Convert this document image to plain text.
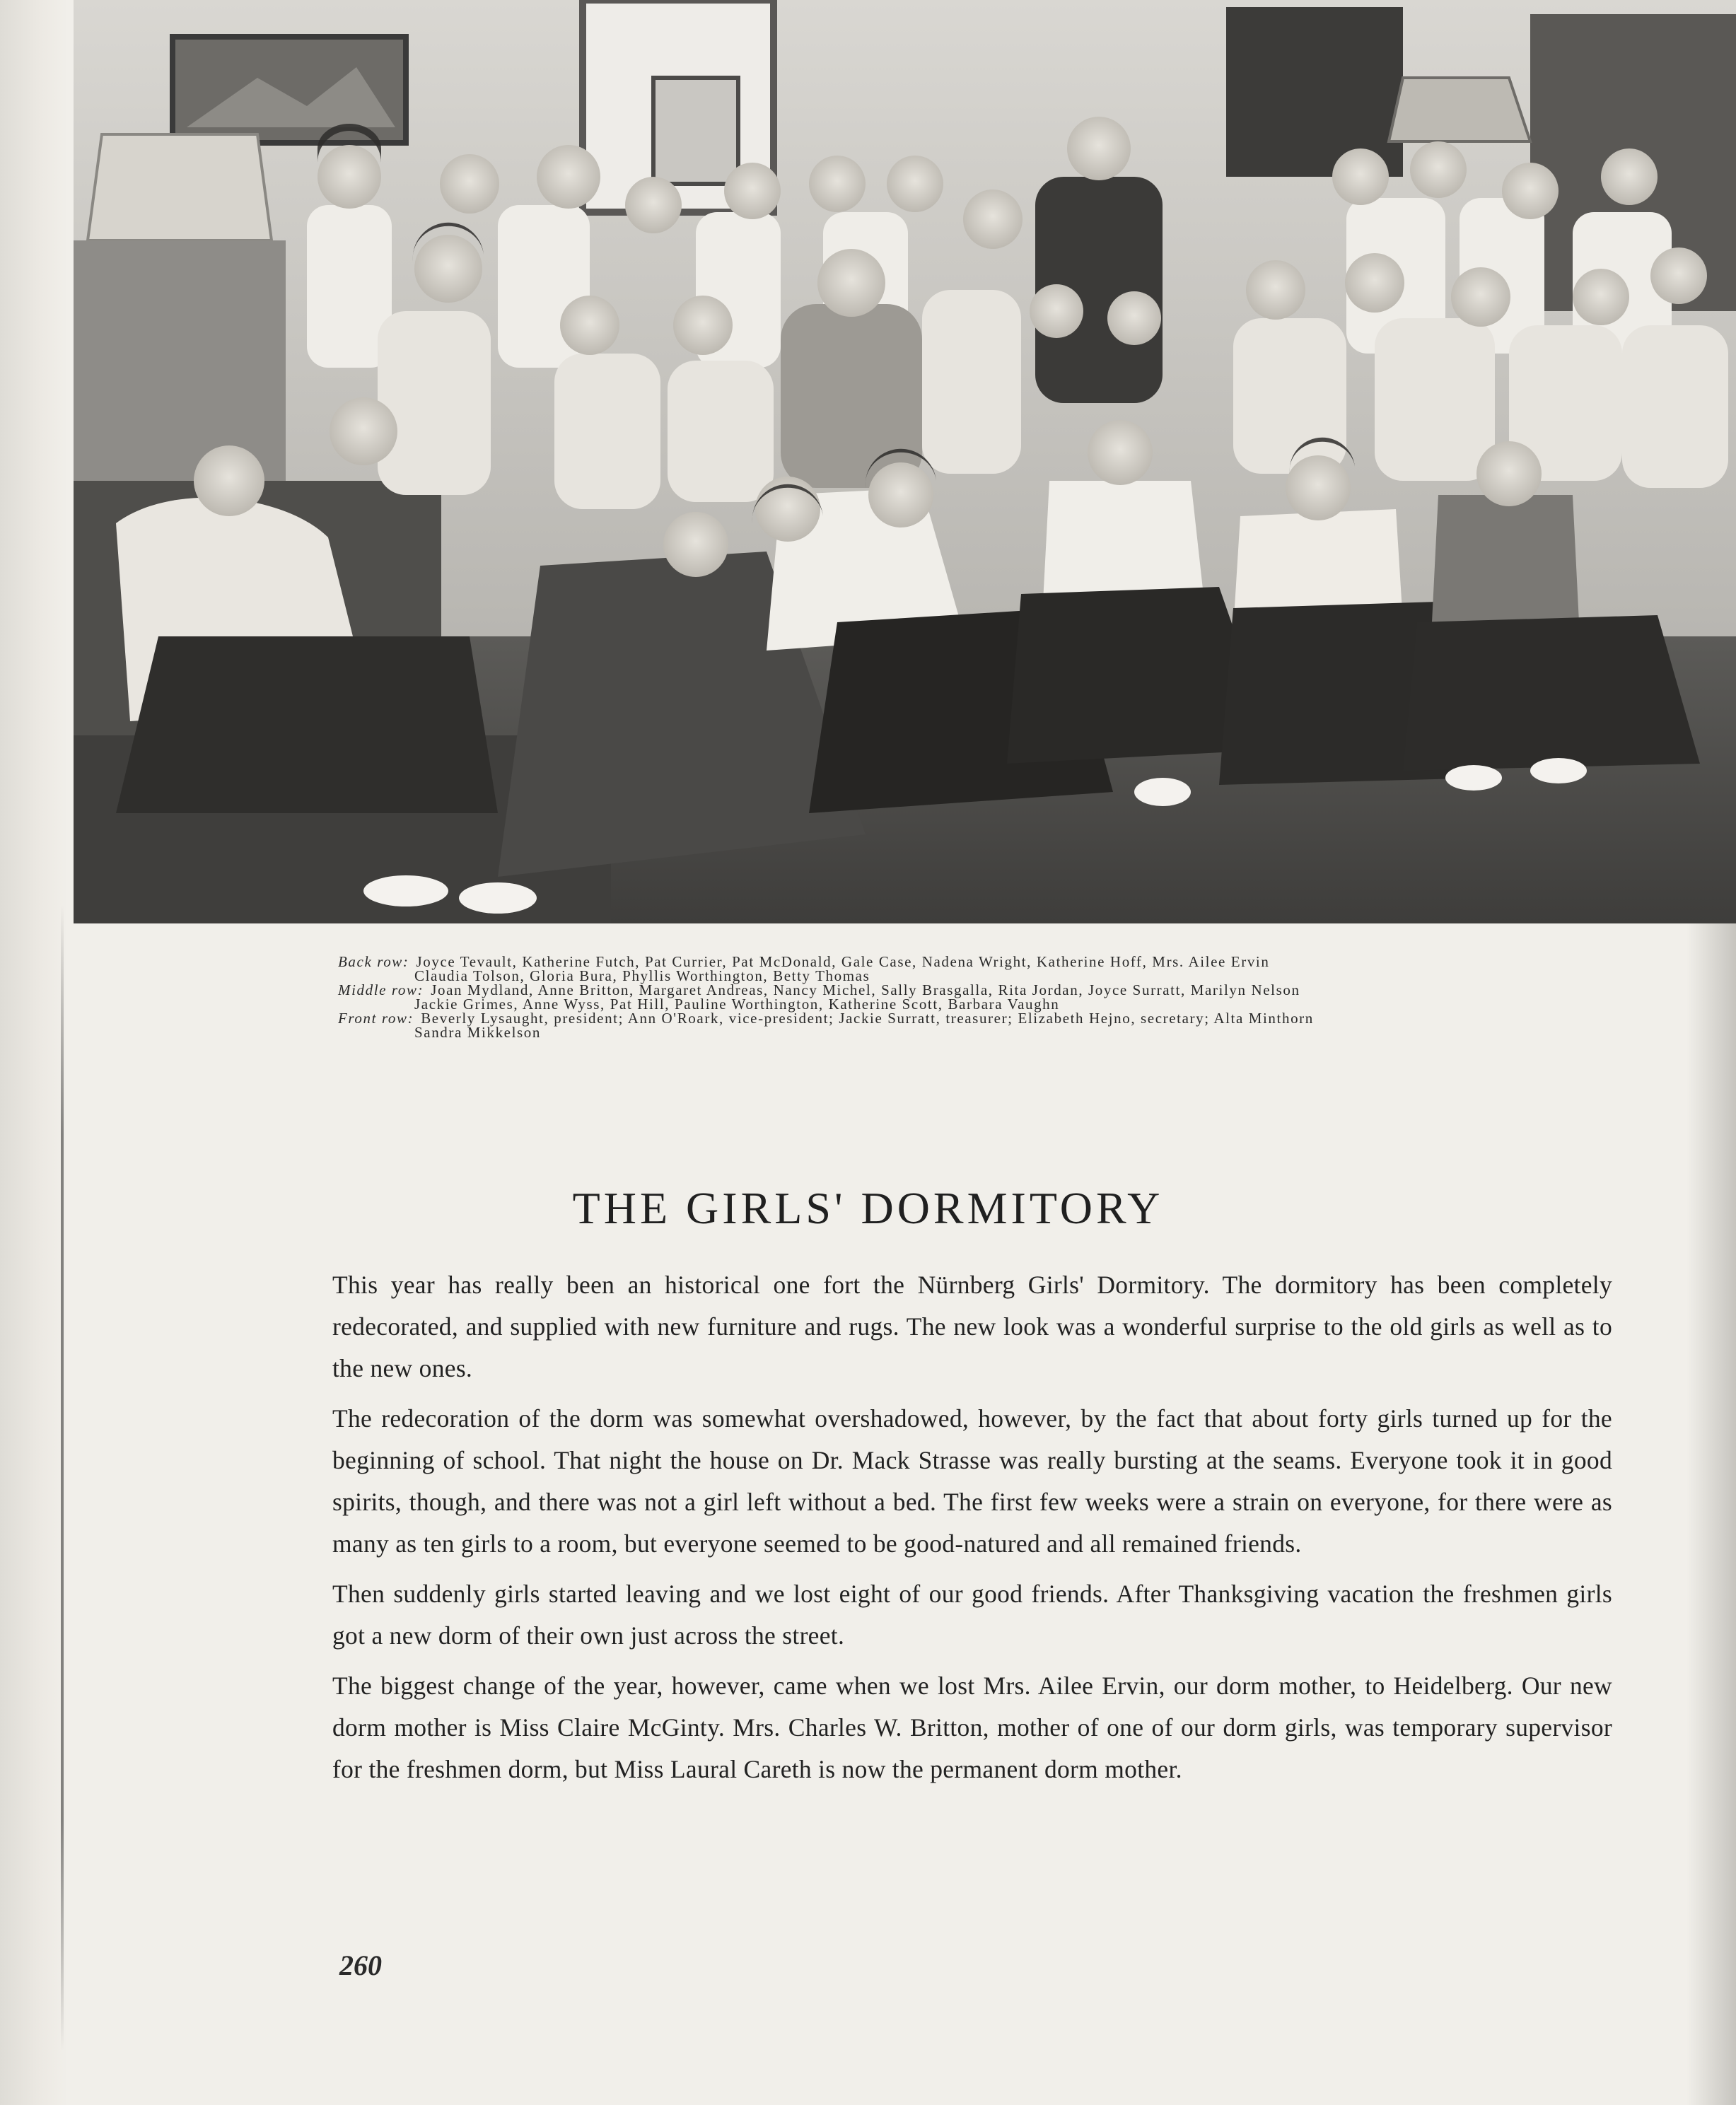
Back row: Joyce Tevault, Katherine Futch, Pat Currier, Pat McDonald, Gale Case, Nadena Wright, Katherine Hoff, Mrs. Ailee Ervin
Claudia Tolson, Gloria Bura, Phyllis Worthington, Betty Thomas
Middle row: Joan Mydland, Anne Britton, Margaret Andreas, Nancy Michel, Sally Brasgalla, Rita Jordan, Joyce Surratt, Marilyn Nelson
Jackie Grimes, Anne Wyss, Pat Hill, Pauline Worthington, Katherine Scott, Barbara Vaughn
Front row: Beverly Lysaught, president; Ann O'Roark, vice-president; Jackie Surratt, treasurer; Elizabeth Hejno, secretary; Alta Minthorn
Sandra Mikkelson
THE GIRLS' DORMITORY

This year has really been an historical one fort the Nürnberg Girls' Dormitory. The dormitory has been completely redecorated, and supplied with new furniture and rugs. The new look was a wonderful surprise to the old girls as well as to the new ones.

The redecoration of the dorm was somewhat overshadowed, however, by the fact that about forty girls turned up for the beginning of school. That night the house on Dr. Mack Strasse was really bursting at the seams. Everyone took it in good spirits, though, and there was not a girl left without a bed. The first few weeks were a strain on everyone, for there were as many as ten girls to a room, but everyone seemed to be good-natured and all remained friends.

Then suddenly girls started leaving and we lost eight of our good friends. After Thanksgiving vacation the freshmen girls got a new dorm of their own just across the street.

The biggest change of the year, however, came when we lost Mrs. Ailee Ervin, our dorm mother, to Heidelberg. Our new dorm mother is Miss Claire McGinty. Mrs. Charles W. Britton, mother of one of our dorm girls, was temporary supervisor for the freshmen dorm, but Miss Laural Careth is now the permanent dorm mother.

260
